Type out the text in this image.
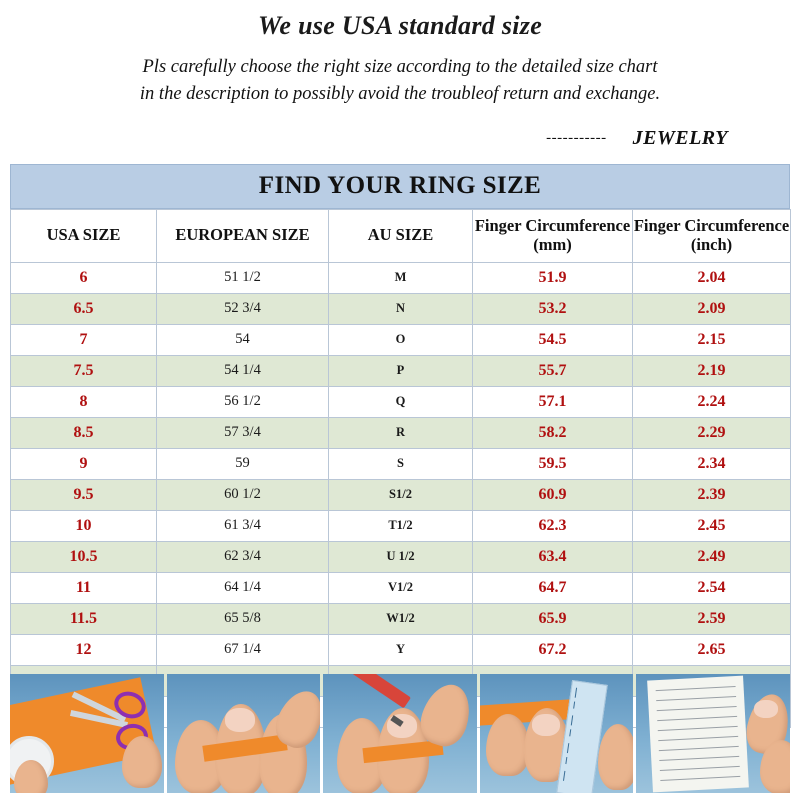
We use USA standard size
Pls carefully choose the right size according to the detailed size chart
in the description to possibly avoid the troubleof return and exchange.
----------- JEWELRY
FIND YOUR RING SIZE
USA SIZE	EUROPEAN SIZE	AU SIZE	Finger Circumference (mm)	Finger Circumference (inch)
6	51 1/2	M	51.9	2.04
6.5	52 3/4	N	53.2	2.09
7	54	O	54.5	2.15
7.5	54 1/4	P	55.7	2.19
8	56 1/2	Q	57.1	2.24
8.5	57 3/4	R	58.2	2.29
9	59	S	59.5	2.34
9.5	60 1/2	S1/2	60.9	2.39
10	61 3/4	T1/2	62.3	2.45
10.5	62 3/4	U 1/2	63.4	2.49
11	64 1/4	V1/2	64.7	2.54
11.5	65 5/8	W1/2	65.9	2.59
12	67 1/4	Y	67.2	2.65
